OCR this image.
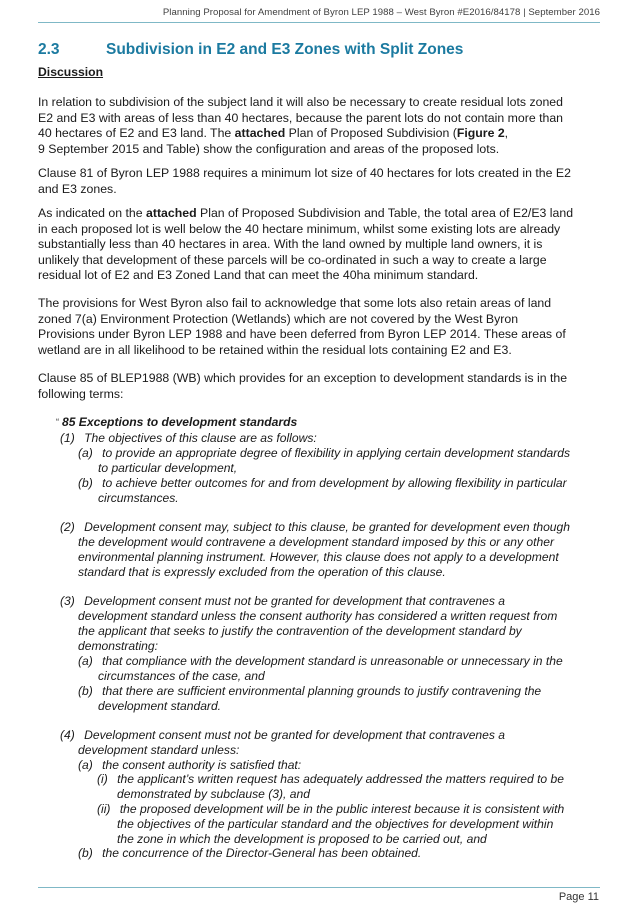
Planning Proposal for Amendment of Byron LEP 1988 – West Byron #E2016/84178 | September 2016
2.3	Subdivision in E2 and E3 Zones with Split Zones
Discussion
In relation to subdivision of the subject land it will also be necessary to create residual lots zoned
E2 and E3 with areas of less than 40 hectares, because the parent lots do not contain more than
40 hectares of E2 and E3 land. The attached Plan of Proposed Subdivision (Figure 2,
9 September 2015 and Table) show the configuration and areas of the proposed lots.
Clause 81 of Byron LEP 1988 requires a minimum lot size of 40 hectares for lots created in the E2
and E3 zones.
As indicated on the attached Plan of Proposed Subdivision and Table, the total area of E2/E3 land
in each proposed lot is well below the 40 hectare minimum, whilst some existing lots are already
substantially less than 40 hectares in area. With the land owned by multiple land owners, it is
unlikely that development of these parcels will be co-ordinated in such a way to create a large
residual lot of E2 and E3 Zoned Land that can meet the 40ha minimum standard.
The provisions for West Byron also fail to acknowledge that some lots also retain areas of land
zoned 7(a) Environment Protection (Wetlands) which are not covered by the West Byron
Provisions under Byron LEP 1988 and have been deferred from Byron LEP 2014. These areas of
wetland are in all likelihood to be retained within the residual lots containing E2 and E3.
Clause 85 of BLEP1988 (WB) which provides for an exception to development standards is in the
following terms:
“ 85 Exceptions to development standards
(1) The objectives of this clause are as follows:
(a) to provide an appropriate degree of flexibility in applying certain development standards
to particular development,
(b) to achieve better outcomes for and from development by allowing flexibility in particular
circumstances.
(2) Development consent may, subject to this clause, be granted for development even though
the development would contravene a development standard imposed by this or any other
environmental planning instrument. However, this clause does not apply to a development
standard that is expressly excluded from the operation of this clause.
(3) Development consent must not be granted for development that contravenes a
development standard unless the consent authority has considered a written request from
the applicant that seeks to justify the contravention of the development standard by
demonstrating:
(a) that compliance with the development standard is unreasonable or unnecessary in the
circumstances of the case, and
(b) that there are sufficient environmental planning grounds to justify contravening the
development standard.
(4) Development consent must not be granted for development that contravenes a
development standard unless:
(a) the consent authority is satisfied that:
(i) the applicant’s written request has adequately addressed the matters required to be
demonstrated by subclause (3), and
(ii) the proposed development will be in the public interest because it is consistent with
the objectives of the particular standard and the objectives for development within
the zone in which the development is proposed to be carried out, and
(b) the concurrence of the Director-General has been obtained.
Page 11
